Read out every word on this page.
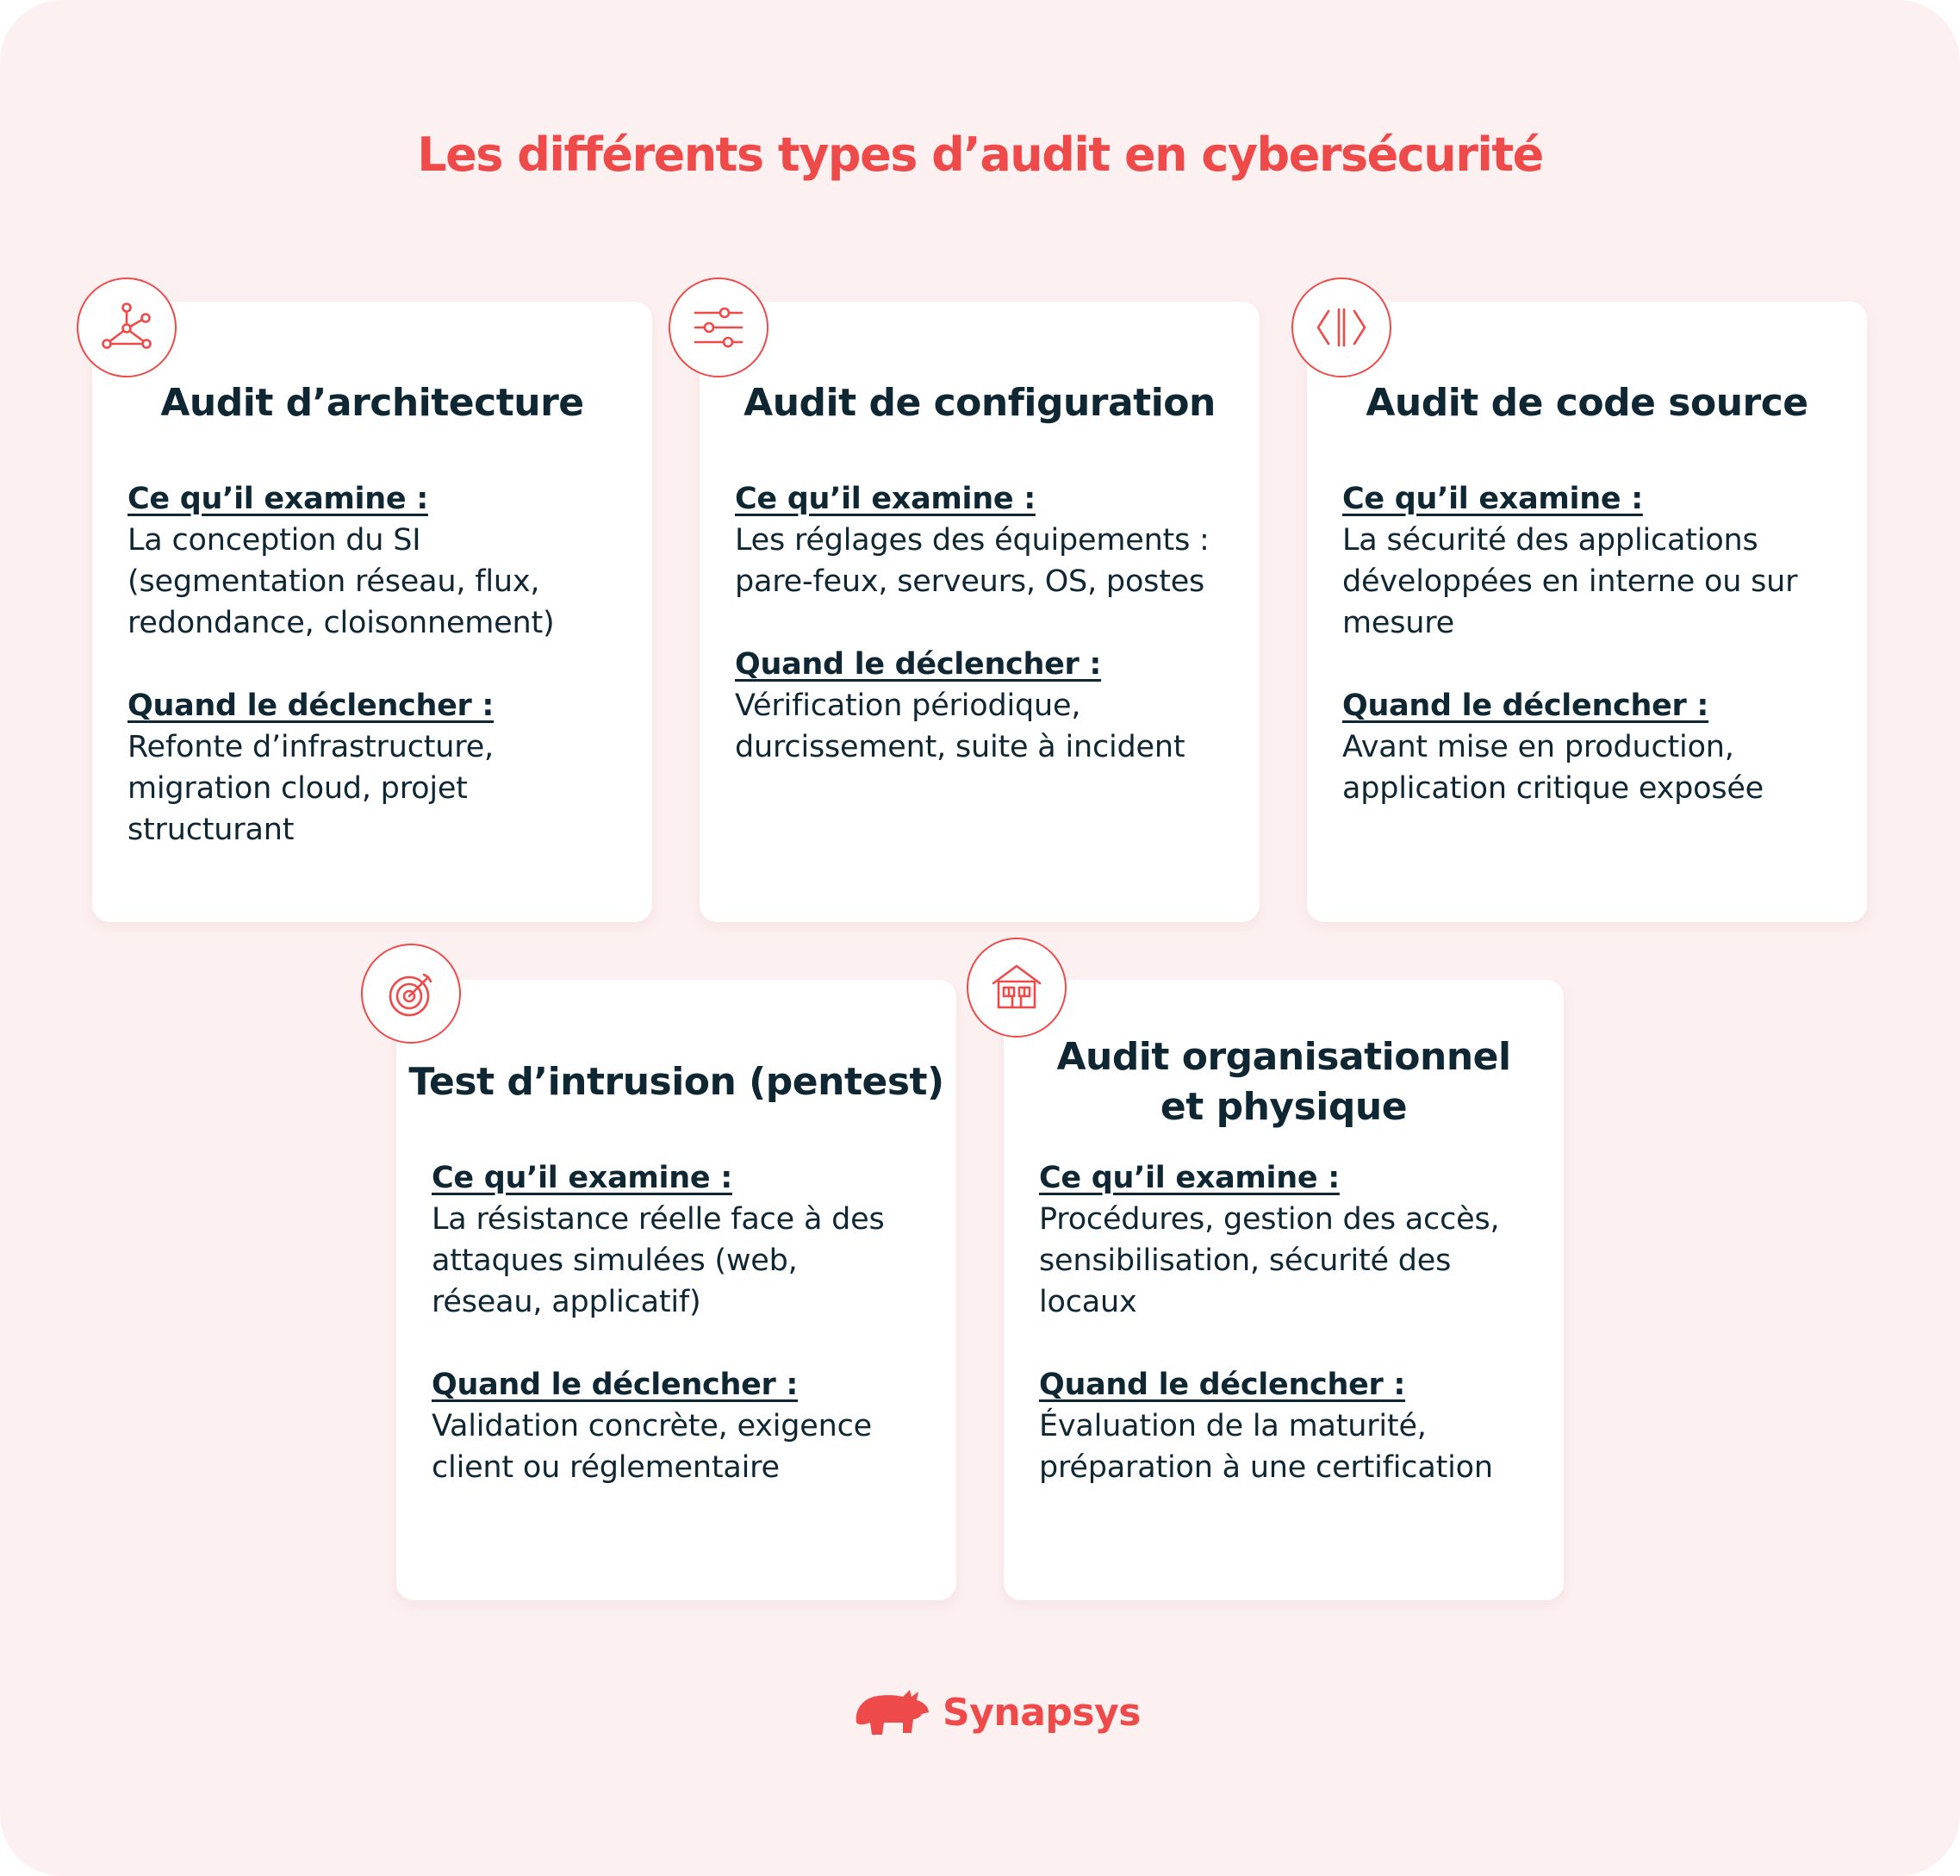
Les différents types d’audit en cybersécurité
Audit d’architecture
Ce qu’il examine :
La conception du SI (segmentation réseau, flux, redondance, cloisonnement)
Quand le déclencher :
Refonte d’infrastructure, migration cloud, projet structurant
Audit de configuration
Ce qu’il examine :
Les réglages des équipements : pare-feux, serveurs, OS, postes
Quand le déclencher :
Vérification périodique, durcissement, suite à incident
Audit de code source
Ce qu’il examine :
La sécurité des applications développées en interne ou sur mesure
Quand le déclencher :
Avant mise en production, application critique exposée
Test d’intrusion (pentest)
Ce qu’il examine :
La résistance réelle face à des attaques simulées (web, réseau, applicatif)
Quand le déclencher :
Validation concrète, exigence client ou réglementaire
Audit organisationnel et physique
Ce qu’il examine :
Procédures, gestion des accès, sensibilisation, sécurité des locaux
Quand le déclencher :
Évaluation de la maturité, préparation à une certification
Synapsys
